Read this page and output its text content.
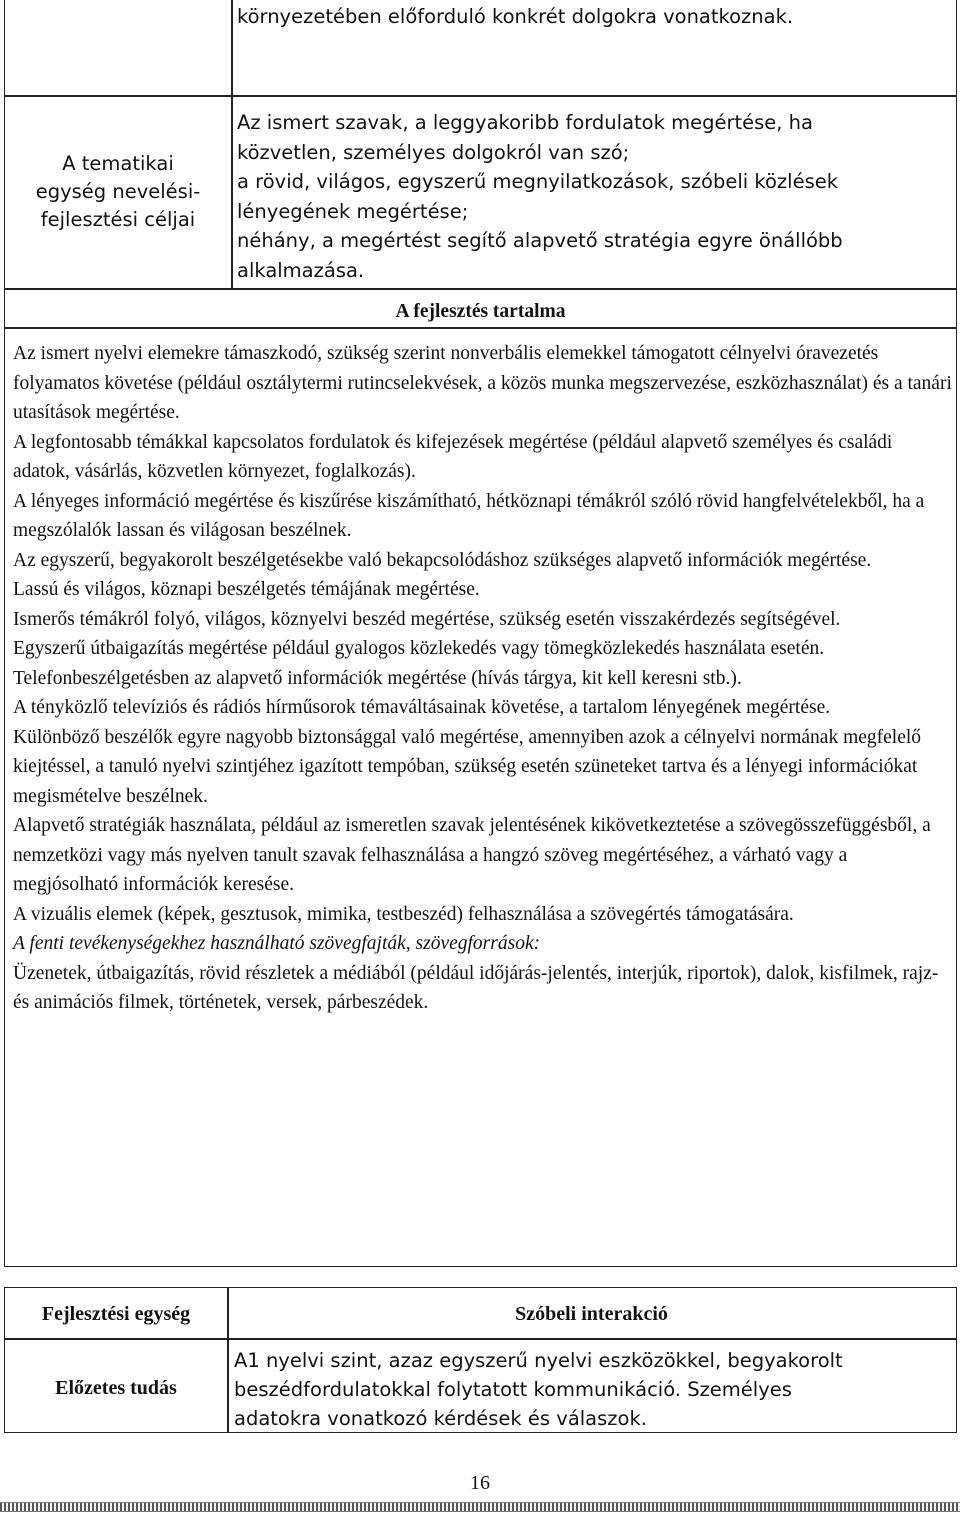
környezetében előforduló konkrét dolgokra vonatkoznak.
A tematikai
egység nevelési-
fejlesztési céljai
Az ismert szavak, a leggyakoribb fordulatok megértése, ha
közvetlen, személyes dolgokról van szó;
a rövid, világos, egyszerű megnyilatkozások, szóbeli közlések
lényegének megértése;
néhány, a megértést segítő alapvető stratégia egyre önállóbb
alkalmazása.
A fejlesztés tartalma

Az ismert nyelvi elemekre támaszkodó, szükség szerint nonverbális elemekkel támogatott célnyelvi óravezetés folyamatos követése (például osztálytermi rutincselekvések, a közös munka megszervezése, eszközhasználat) és a tanári utasítások megértése.

A legfontosabb témákkal kapcsolatos fordulatok és kifejezések megértése (például alapvető személyes és családi adatok, vásárlás, közvetlen környezet, foglalkozás).

A lényeges információ megértése és kiszűrése kiszámítható, hétköznapi témákról szóló rövid hangfelvételekből, ha a megszólalók lassan és világosan beszélnek.

Az egyszerű, begyakorolt beszélgetésekbe való bekapcsolódáshoz szükséges alapvető információk megértése.

Lassú és világos, köznapi beszélgetés témájának megértése.

Ismerős témákról folyó, világos, köznyelvi beszéd megértése, szükség esetén visszakérdezés segítségével.

Egyszerű útbaigazítás megértése például gyalogos közlekedés vagy tömegközlekedés használata esetén.

Telefonbeszélgetésben az alapvető információk megértése (hívás tárgya, kit kell keresni stb.).

A tényközlő televíziós és rádiós hírműsorok témaváltásainak követése, a tartalom lényegének megértése.

Különböző beszélők egyre nagyobb biztonsággal való megértése, amennyiben azok a célnyelvi normának megfelelő kiejtéssel, a tanuló nyelvi szintjéhez igazított tempóban, szükség esetén szüneteket tartva és a lényegi információkat megismételve beszélnek.

Alapvető stratégiák használata, például az ismeretlen szavak jelentésének kikövetkeztetése a szövegösszefüggésből, a nemzetközi vagy más nyelven tanult szavak felhasználása a hangzó szöveg megértéséhez, a várható vagy a megjósolható információk keresése.

A vizuális elemek (képek, gesztusok, mimika, testbeszéd) felhasználása a szövegértés támogatására.

A fenti tevékenységekhez használható szövegfajták, szövegforrások:

Üzenetek, útbaigazítás, rövid részletek a médiából (például időjárás-jelentés, interjúk, riportok), dalok, kisfilmek, rajz- és animációs filmek, történetek, versek, párbeszédek.

Fejlesztési egység	Szóbeli interakció
Előzetes tudás
A1 nyelvi szint, azaz egyszerű nyelvi eszközökkel, begyakorolt
beszédfordulatokkal folytatott kommunikáció. Személyes
adatokra vonatkozó kérdések és válaszok.
16
